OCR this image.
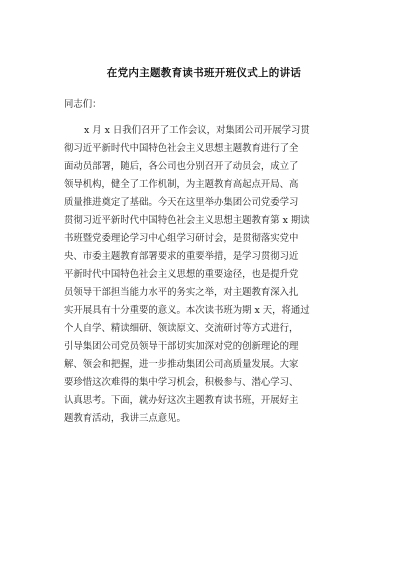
在党内主题教育读书班开班仪式上的讲话
同志们：
x 月 x 日我们召开了工作会议，对集团公司开展学习贯
彻习近平新时代中国特色社会主义思想主题教育进行了全
面动员部署，随后，各公司也分别召开了动员会，成立了
领导机构，健全了工作机制，为主题教育高起点开局、高
质量推进奠定了基础。今天在这里举办集团公司党委学习
贯彻习近平新时代中国特色社会主义思想主题教育第 x 期读
书班暨党委理论学习中心组学习研讨会，是贯彻落实党中
央、市委主题教育部署要求的重要举措，是学习贯彻习近
平新时代中国特色社会主义思想的重要途径，也是提升党
员领导干部担当能力水平的务实之举，对主题教育深入扎
实开展具有十分重要的意义。本次读书班为期 x 天，将通过
个人自学、精读细研、领读原文、交流研讨等方式进行，
引导集团公司党员领导干部切实加深对党的创新理论的理
解、领会和把握，进一步推动集团公司高质量发展。大家
要珍惜这次难得的集中学习机会，积极参与、潜心学习、
认真思考。下面，就办好这次主题教育读书班，开展好主
题教育活动，我讲三点意见。
